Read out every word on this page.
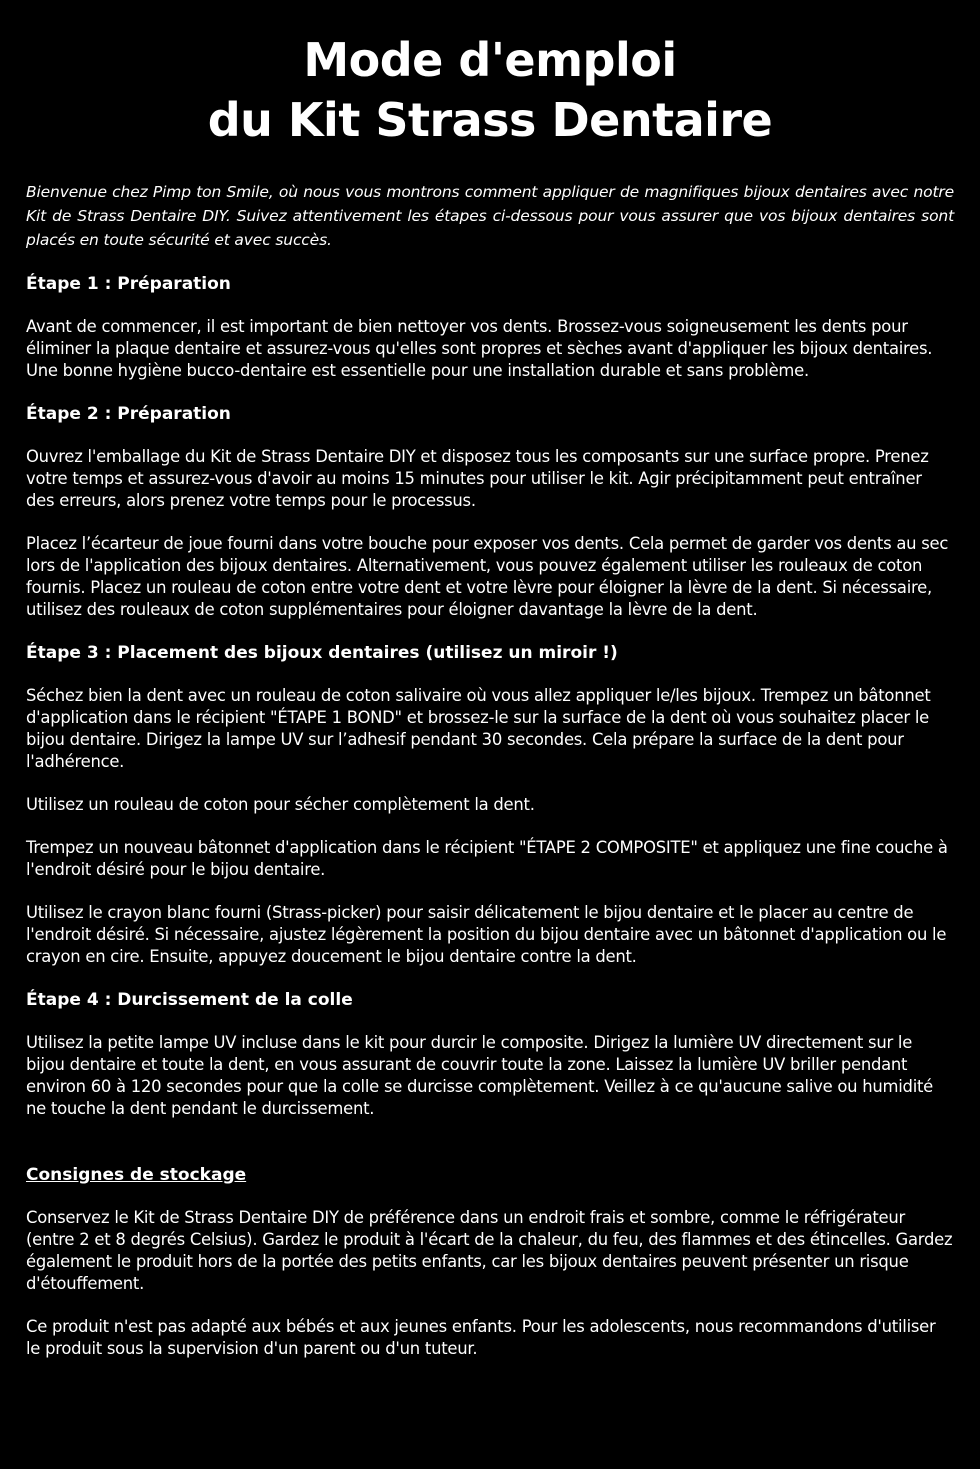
Mode d'emploi
du Kit Strass Dentaire

Bienvenue chez Pimp ton Smile, où nous vous montrons comment appliquer de magnifiques bijoux dentaires avec notre Kit de Strass Dentaire DIY. Suivez attentivement les étapes ci-dessous pour vous assurer que vos bijoux dentaires sont placés en toute sécurité et avec succès.

Étape 1 : Préparation

Avant de commencer, il est important de bien nettoyer vos dents. Brossez-vous soigneusement les dents pour éliminer la plaque dentaire et assurez-vous qu'elles sont propres et sèches avant d'appliquer les bijoux dentaires. Une bonne hygiène bucco-dentaire est essentielle pour une installation durable et sans problème.

Étape 2 : Préparation

Ouvrez l'emballage du Kit de Strass Dentaire DIY et disposez tous les composants sur une surface propre. Prenez votre temps et assurez-vous d'avoir au moins 15 minutes pour utiliser le kit. Agir précipitamment peut entraîner des erreurs, alors prenez votre temps pour le processus.

Placez l’écarteur de joue fourni dans votre bouche pour exposer vos dents. Cela permet de garder vos dents au sec lors de l'application des bijoux dentaires. Alternativement, vous pouvez également utiliser les rouleaux de coton fournis. Placez un rouleau de coton entre votre dent et votre lèvre pour éloigner la lèvre de la dent. Si nécessaire, utilisez des rouleaux de coton supplémentaires pour éloigner davantage la lèvre de la dent.

Étape 3 : Placement des bijoux dentaires (utilisez un miroir !)

Séchez bien la dent avec un rouleau de coton salivaire où vous allez appliquer le/les bijoux. Trempez un bâtonnet d'application dans le récipient "ÉTAPE 1 BOND" et brossez-le sur la surface de la dent où vous souhaitez placer le bijou dentaire. Dirigez la lampe UV sur l’adhesif pendant 30 secondes. Cela prépare la surface de la dent pour l'adhérence.

Utilisez un rouleau de coton pour sécher complètement la dent.

Trempez un nouveau bâtonnet d'application dans le récipient "ÉTAPE 2 COMPOSITE" et appliquez une fine couche à l'endroit désiré pour le bijou dentaire.

Utilisez le crayon blanc fourni (Strass-picker) pour saisir délicatement le bijou dentaire et le placer au centre de l'endroit désiré. Si nécessaire, ajustez légèrement la position du bijou dentaire avec un bâtonnet d'application ou le crayon en cire. Ensuite, appuyez doucement le bijou dentaire contre la dent.

Étape 4 : Durcissement de la colle

Utilisez la petite lampe UV incluse dans le kit pour durcir le composite. Dirigez la lumière UV directement sur le bijou dentaire et toute la dent, en vous assurant de couvrir toute la zone. Laissez la lumière UV briller pendant environ 60 à 120 secondes pour que la colle se durcisse complètement. Veillez à ce qu'aucune salive ou humidité ne touche la dent pendant le durcissement.

Consignes de stockage

Conservez le Kit de Strass Dentaire DIY de préférence dans un endroit frais et sombre, comme le réfrigérateur (entre 2 et 8 degrés Celsius). Gardez le produit à l'écart de la chaleur, du feu, des flammes et des étincelles. Gardez également le produit hors de la portée des petits enfants, car les bijoux dentaires peuvent présenter un risque d'étouffement.

Ce produit n'est pas adapté aux bébés et aux jeunes enfants. Pour les adolescents, nous recommandons d'utiliser le produit sous la supervision d'un parent ou d'un tuteur.
